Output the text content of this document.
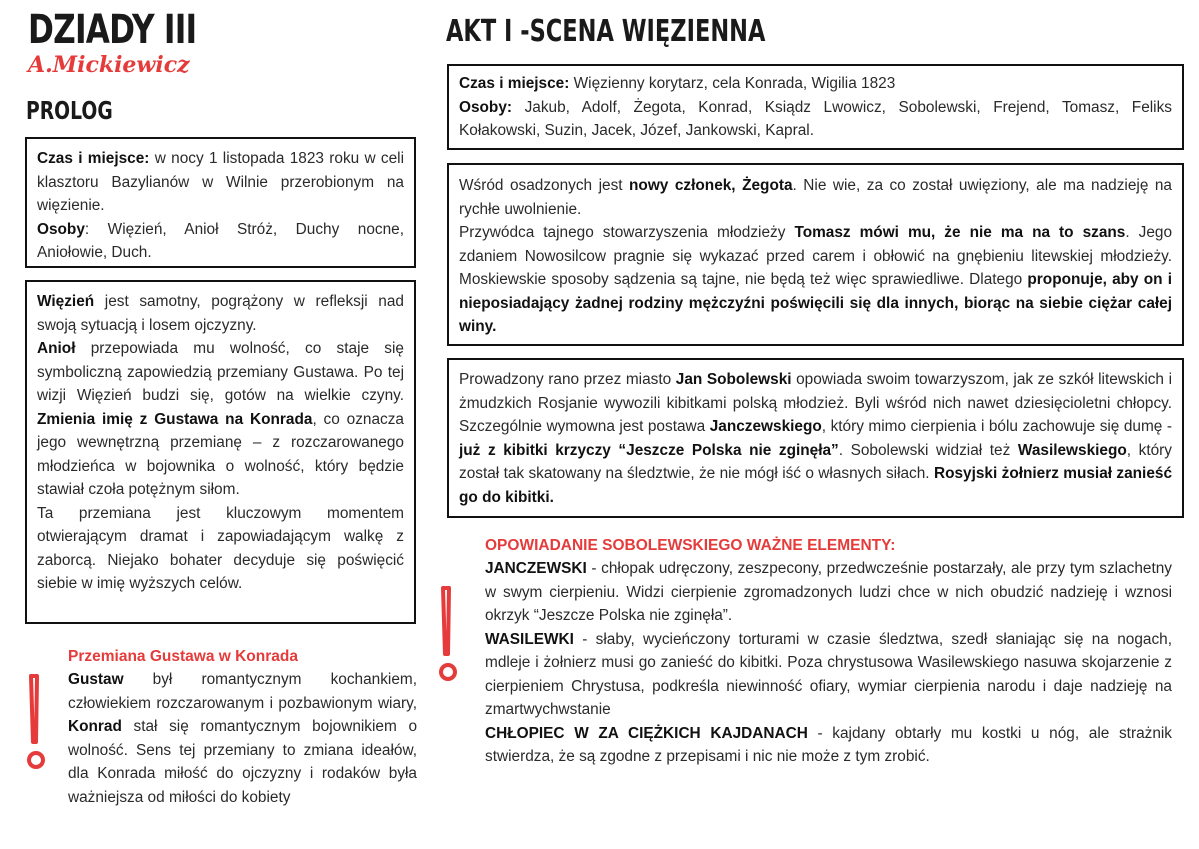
DZIADY III
A.Mickiewicz
PROLOG
AKT I -SCENA WIĘZIENNA

Czas i miejsce: w nocy 1 listopada 1823 roku w celi klasztoru Bazylianów w Wilnie przerobionym na więzienie.

Osoby: Więzień, Anioł Stróż, Duchy nocne, Aniołowie, Duch.

Więzień jest samotny, pogrążony w refleksji nad swoją sytuacją i losem ojczyzny.

Anioł przepowiada mu wolność, co staje się symboliczną zapowiedzią przemiany Gustawa. Po tej wizji Więzień budzi się, gotów na wielkie czyny. Zmienia imię z Gustawa na Konrada, co oznacza jego wewnętrzną przemianę – z rozczarowanego młodzieńca w bojownika o wolność, który będzie stawiał czoła potężnym siłom.

Ta przemiana jest kluczowym momentem otwierającym dramat i zapowiadającym walkę z zaborcą. Niejako bohater decyduje się poświęcić siebie w imię wyższych celów.

Przemiana Gustawa w Konrada

Gustaw był romantycznym kochankiem, człowiekiem rozczarowanym i pozbawionym wiary, Konrad stał się romantycznym bojownikiem o wolność. Sens tej przemiany to zmiana ideałów, dla Konrada miłość do ojczyzny i rodaków była ważniejsza od miłości do kobiety

Czas i miejsce: Więzienny korytarz, cela Konrada, Wigilia 1823

Osoby: Jakub, Adolf, Żegota, Konrad, Ksiądz Lwowicz, Sobolewski, Frejend, Tomasz, Feliks Kołakowski, Suzin, Jacek, Józef, Jankowski, Kapral.

Wśród osadzonych jest nowy członek, Żegota. Nie wie, za co został uwięziony, ale ma nadzieję na rychłe uwolnienie.

Przywódca tajnego stowarzyszenia młodzieży Tomasz mówi mu, że nie ma na to szans. Jego zdaniem Nowosilcow pragnie się wykazać przed carem i obłowić na gnębieniu litewskiej młodzieży. Moskiewskie sposoby sądzenia są tajne, nie będą też więc sprawiedliwe. Dlatego proponuje, aby on i nieposiadający żadnej rodziny mężczyźni poświęcili się dla innych, biorąc na siebie ciężar całej winy.

Prowadzony rano przez miasto Jan Sobolewski opowiada swoim towarzyszom, jak ze szkół litewskich i żmudzkich Rosjanie wywozili kibitkami polską młodzież. Byli wśród nich nawet dziesięcioletni chłopcy. Szczególnie wymowna jest postawa Janczewskiego, który mimo cierpienia i bólu zachowuje się dumę - już z kibitki krzyczy “Jeszcze Polska nie zginęła”. Sobolewski widział też Wasilewskiego, który został tak skatowany na śledztwie, że nie mógł iść o własnych siłach. Rosyjski żołnierz musiał zanieść go do kibitki.

OPOWIADANIE SOBOLEWSKIEGO WAŻNE ELEMENTY:

JANCZEWSKI - chłopak udręczony, zeszpecony, przedwcześnie postarzały, ale przy tym szlachetny w swym cierpieniu. Widzi cierpienie zgromadzonych ludzi chce w nich obudzić nadzieję i wznosi okrzyk “Jeszcze Polska nie zginęła”.

WASILEWKI - słaby, wycieńczony torturami w czasie śledztwa, szedł słaniając się na nogach, mdleje i żołnierz musi go zanieść do kibitki. Poza chrystusowa Wasilewskiego nasuwa skojarzenie z cierpieniem Chrystusa, podkreśla niewinność ofiary, wymiar cierpienia narodu i daje nadzieję na zmartwychwstanie

CHŁOPIEC W ZA CIĘŻKICH KAJDANACH - kajdany obtarły mu kostki u nóg, ale strażnik stwierdza, że są zgodne z przepisami i nic nie może z tym zrobić.
